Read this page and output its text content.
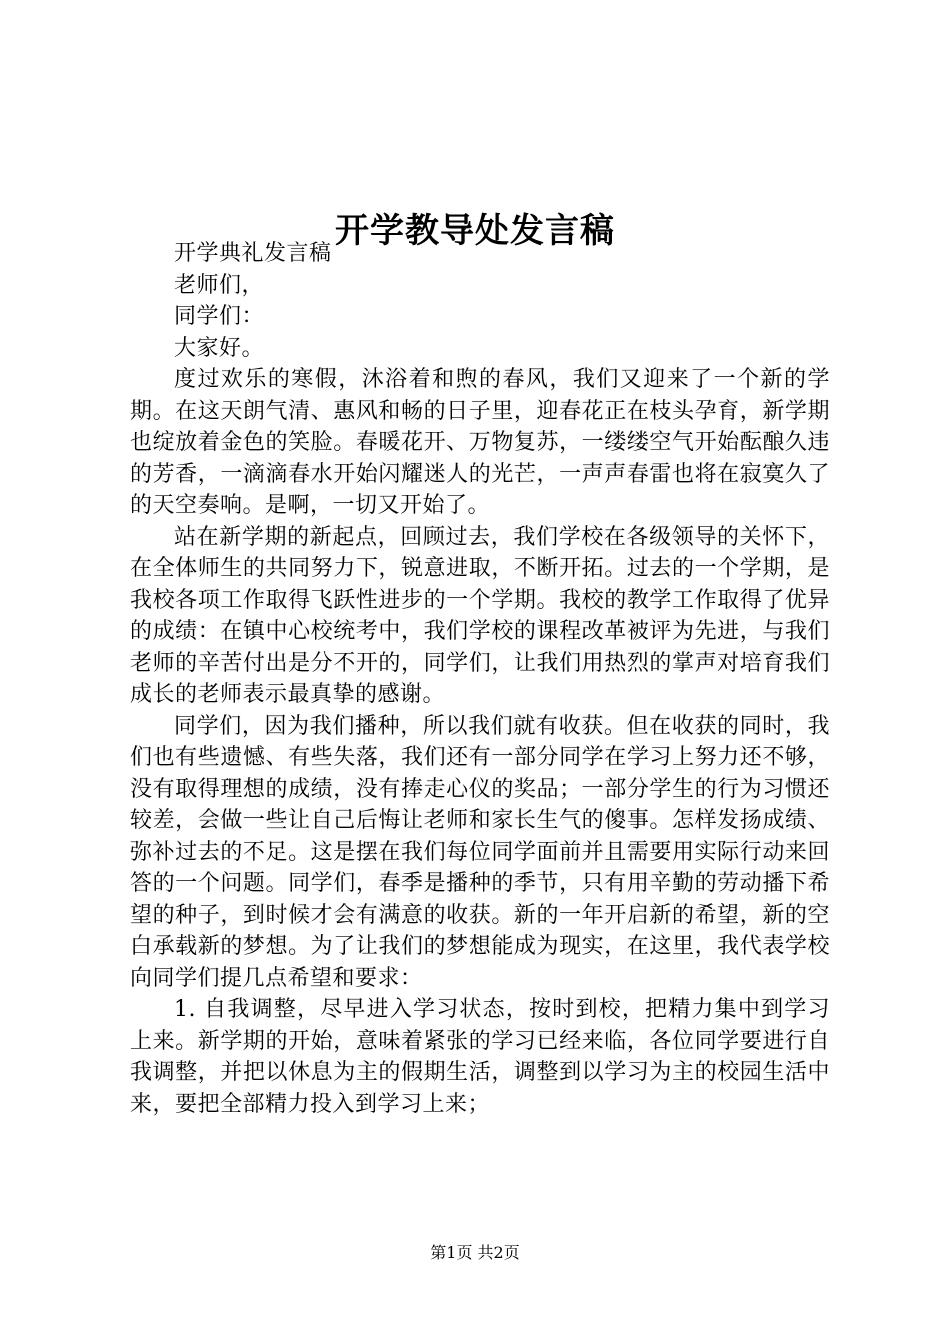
开学教导处发言稿

开学典礼发言稿

老师们，

同学们：

大家好。

度过欢乐的寒假，沐浴着和煦的春风，我们又迎来了一个新的学期。在这天朗气清、惠风和畅的日子里，迎春花正在枝头孕育，新学期也绽放着金色的笑脸。春暖花开、万物复苏，一缕缕空气开始酝酿久违的芳香，一滴滴春水开始闪耀迷人的光芒，一声声春雷也将在寂寞久了的天空奏响。是啊，一切又开始了。

站在新学期的新起点，回顾过去，我们学校在各级领导的关怀下，在全体师生的共同努力下，锐意进取，不断开拓。过去的一个学期，是我校各项工作取得飞跃性进步的一个学期。我校的教学工作取得了优异的成绩：在镇中心校统考中，我们学校的课程改革被评为先进，与我们老师的辛苦付出是分不开的，同学们，让我们用热烈的掌声对培育我们成长的老师表示最真挚的感谢。

同学们，因为我们播种，所以我们就有收获。但在收获的同时，我们也有些遗憾、有些失落，我们还有一部分同学在学习上努力还不够，没有取得理想的成绩，没有捧走心仪的奖品；一部分学生的行为习惯还较差，会做一些让自己后悔让老师和家长生气的傻事。怎样发扬成绩、弥补过去的不足。这是摆在我们每位同学面前并且需要用实际行动来回答的一个问题。同学们，春季是播种的季节，只有用辛勤的劳动播下希望的种子，到时候才会有满意的收获。新的一年开启新的希望，新的空白承载新的梦想。为了让我们的梦想能成为现实，在这里，我代表学校向同学们提几点希望和要求：

1. 自我调整，尽早进入学习状态，按时到校，把精力集中到学习上来。新学期的开始，意味着紧张的学习已经来临，各位同学要进行自我调整，并把以休息为主的假期生活，调整到以学习为主的校园生活中来，要把全部精力投入到学习上来；

第1页 共2页
